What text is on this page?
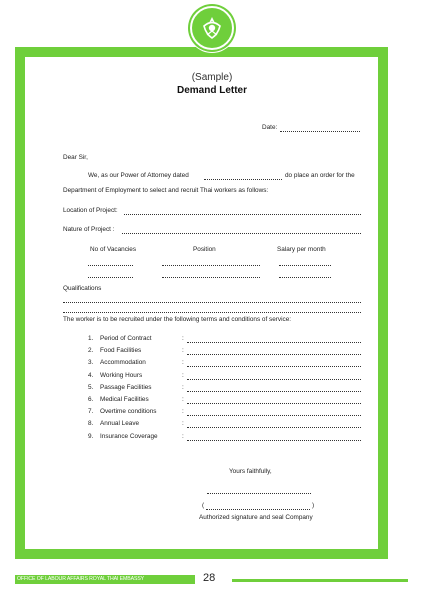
(Sample)
Demand Letter
Date:
Dear Sir,
We, as our Power of Attorney dated	do place an order for the
Department of Employment to select and recruit Thai workers as follows:
Location of Project:
Nature of Project :
No of Vacancies	Position	Salary per month
Qualifications
The worker is to be recruited under the following terms and conditions of service:
1. Period of Contract	:
2. Food Facilities	:
3. Accommodation	:
4. Working Hours	:
5. Passage Facilities	:
6. Medical Facilities	:
7. Overtime conditions	:
8. Annual Leave	:
9. Insurance Coverage	:
Yours faithfully,
(	)
Authorized signature and seal Company
OFFICE OF LABOUR AFFAIRS ROYAL THAI EMBASSY	28
